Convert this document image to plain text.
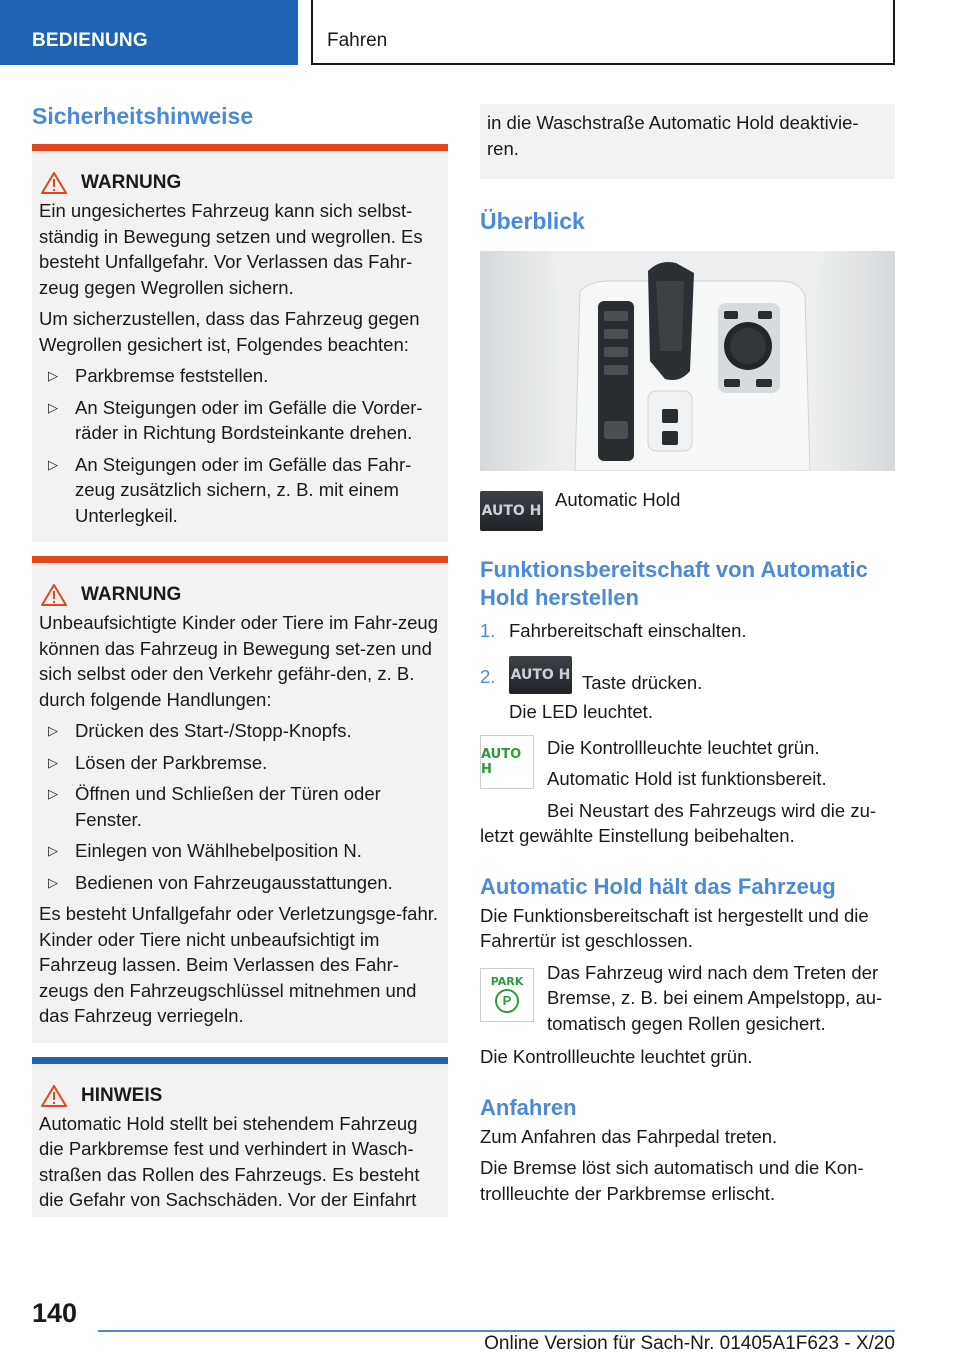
BEDIENUNG	Fahren
Sicherheitshinweise
WARNUNG

Ein ungesichertes Fahrzeug kann sich selbst-ständig in Bewegung setzen und wegrollen. Es besteht Unfallgefahr. Vor Verlassen das Fahr-zeug gegen Wegrollen sichern.

Um sicherzustellen, dass das Fahrzeug gegen Wegrollen gesichert ist, Folgendes beachten:

▷ Parkbremse feststellen.
▷ An Steigungen oder im Gefälle die Vorder-räder in Richtung Bordsteinkante drehen.
▷ An Steigungen oder im Gefälle das Fahr-zeug zusätzlich sichern, z. B. mit einem Unterlegkeil.
WARNUNG

Unbeaufsichtigte Kinder oder Tiere im Fahr-zeug können das Fahrzeug in Bewegung set-zen und sich selbst oder den Verkehr gefähr-den, z. B. durch folgende Handlungen:

▷ Drücken des Start-/Stopp-Knopfs.
▷ Lösen der Parkbremse.
▷ Öffnen und Schließen der Türen oder Fenster.
▷ Einlegen von Wählhebelposition N.
▷ Bedienen von Fahrzeugausstattungen.

Es besteht Unfallgefahr oder Verletzungsge-fahr. Kinder oder Tiere nicht unbeaufsichtigt im Fahrzeug lassen. Beim Verlassen des Fahr-zeugs den Fahrzeugschlüssel mitnehmen und das Fahrzeug verriegeln.

HINWEIS

Automatic Hold stellt bei stehendem Fahrzeug die Parkbremse fest und verhindert in Wasch-straßen das Rollen des Fahrzeugs. Es besteht die Gefahr von Sachschäden. Vor der Einfahrt

in die Waschstraße Automatic Hold deaktivie-ren.

Überblick
AUTO H

Automatic Hold

Funktionsbereitschaft von Automatic Hold herstellen
1. Fahrbereitschaft einschalten.
2. AUTO H Taste drücken.

Die LED leuchtet.

AUTO H

Die Kontrollleuchte leuchtet grün.

Automatic Hold ist funktionsbereit.

Bei Neustart des Fahrzeugs wird die zu-letzt gewählte Einstellung beibehalten.

Automatic Hold hält das Fahrzeug

Die Funktionsbereitschaft ist hergestellt und die Fahrertür ist geschlossen.

PARK
P

Das Fahrzeug wird nach dem Treten der Bremse, z. B. bei einem Ampelstopp, au-tomatisch gegen Rollen gesichert.

Die Kontrollleuchte leuchtet grün.

Anfahren

Zum Anfahren das Fahrpedal treten.

Die Bremse löst sich automatisch und die Kon-trollleuchte der Parkbremse erlischt.

140
Online Version für Sach-Nr. 01405A1F623 - X/20
